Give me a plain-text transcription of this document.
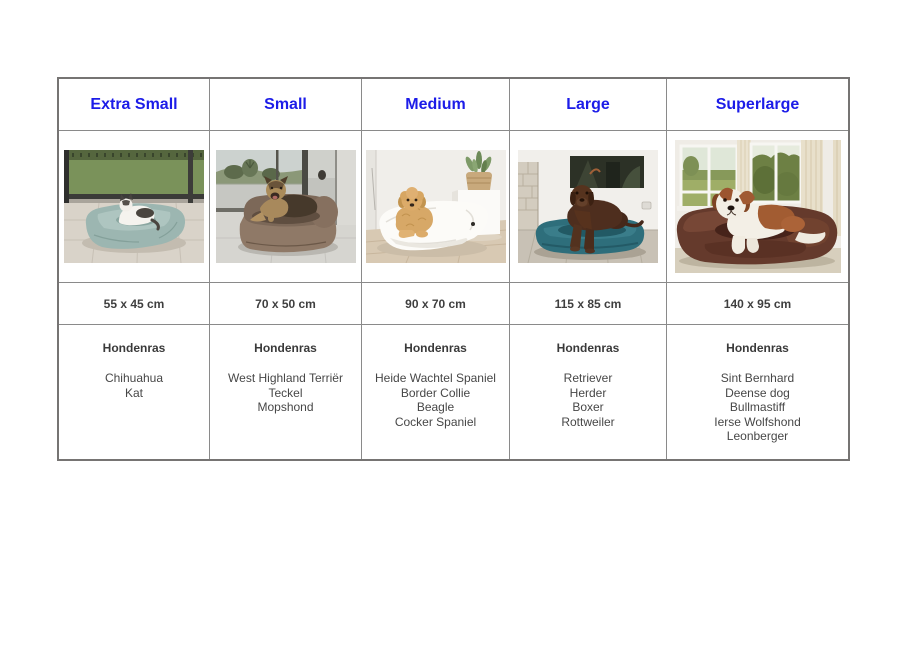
Extra Small
55 x 45 cm
Hondenras
Chihuahua
Kat
Small
70 x 50 cm
Hondenras
West Highland Terriër
Teckel
Mopshond
Medium
90 x 70 cm
Hondenras
Heide Wachtel Spaniel
Border Collie
Beagle
Cocker Spaniel
Large
115 x 85 cm
Hondenras
Retriever
Herder
Boxer
Rottweiler
Superlarge
140 x 95 cm
Hondenras
Sint Bernhard
Deense dog
Bullmastiff
Ierse Wolfshond
Leonberger
